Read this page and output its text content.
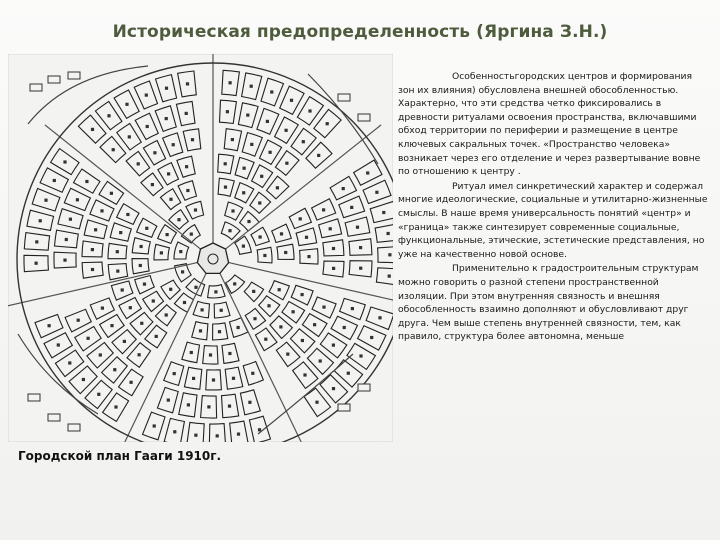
Историческая предопределенность (Яргина З.Н.)
Городской план Гааги 1910г.

Особенностьгородских центров и формирования зон их влияния) обусловлена внешней обособленностью. Характерно, что эти средства четко фиксировались в древности ритуалами освоения пространства, включавшими обход территории по периферии и размещение в центре ключевых сакральных точек. «Пространство человека» возникает через его отделение и через развертывание вовне по отношению к центру .

Ритуал имел синкретический характер и содержал многие идеологические, социальные и утилитарно-жизненные смыслы. В наше время универсальность понятий «центр» и «граница» также синтезирует современные социальные, функциональные, этические, эстетические представления, но уже на качественно новой основе.

Применительно к градостроительным структурам можно говорить о разной степени пространственной изоляции. При этом внутренняя связность и внешняя обособленность взаимно дополняют и обусловливают друг друга. Чем выше степень внутренней связности, тем, как правило, структура более автономна, меньше
